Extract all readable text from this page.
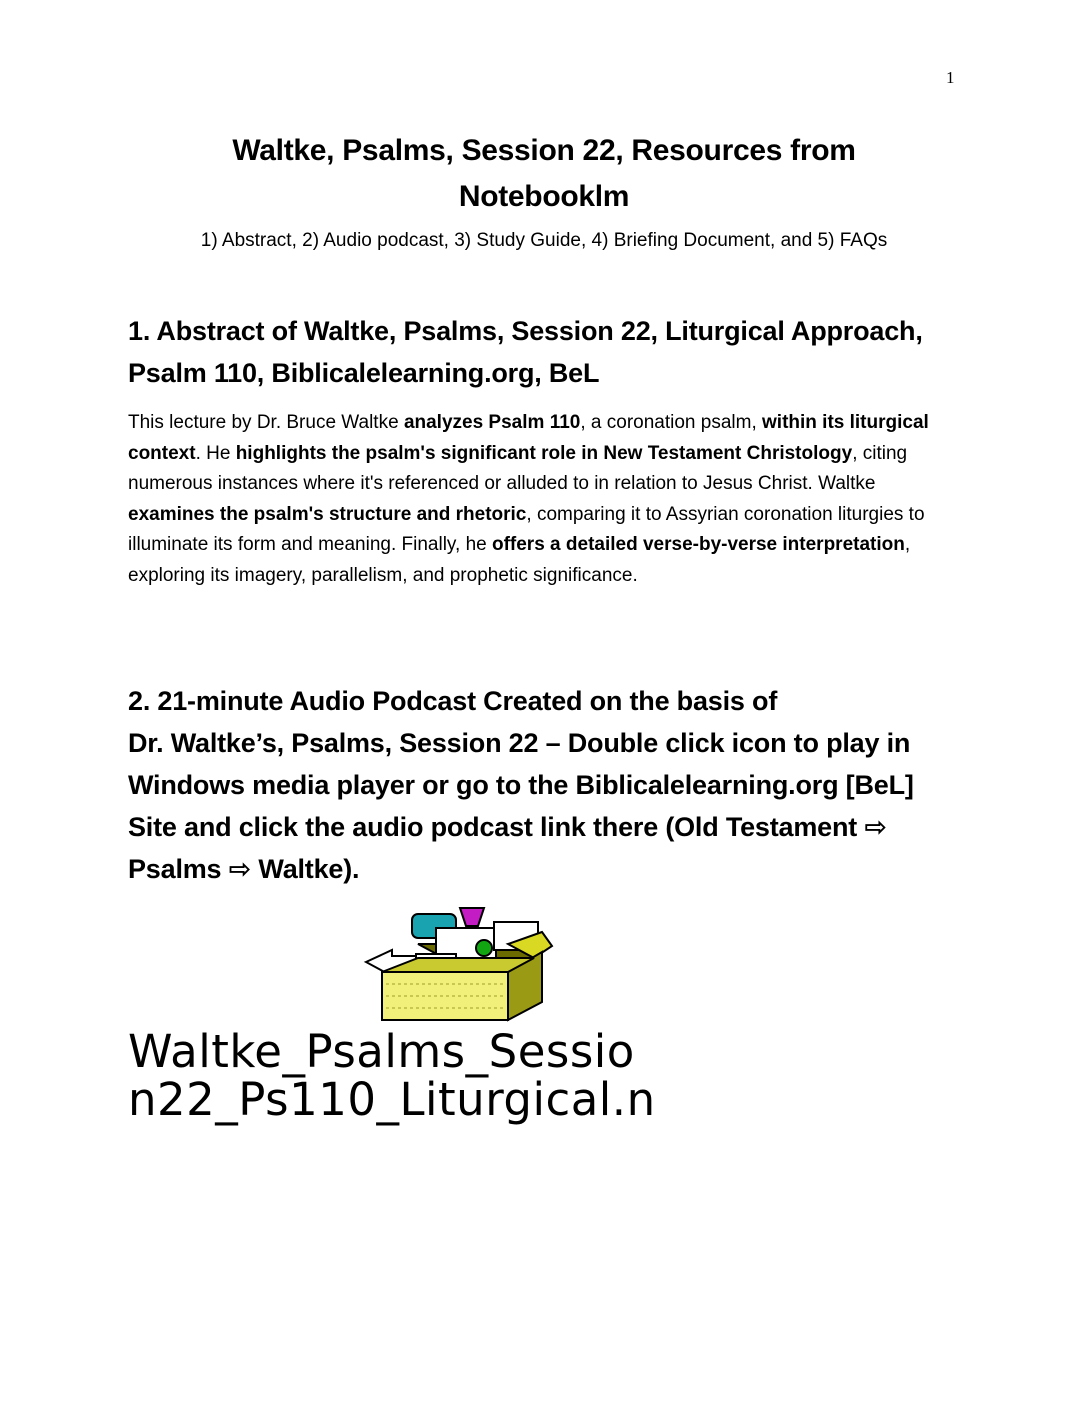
1
Waltke, Psalms, Session 22, Resources from
Notebooklm
1) Abstract, 2) Audio podcast, 3) Study Guide, 4) Briefing Document, and 5) FAQs
1. Abstract of Waltke, Psalms, Session 22, Liturgical Approach,
Psalm 110, Biblicalelearning.org, BeL

This lecture by Dr. Bruce Waltke analyzes Psalm 110, a coronation psalm, within its liturgical context. He highlights the psalm's significant role in New Testament Christology, citing numerous instances where it's referenced or alluded to in relation to Jesus Christ. Waltke examines the psalm's structure and rhetoric, comparing it to Assyrian coronation liturgies to illuminate its form and meaning. Finally, he offers a detailed verse-by-verse interpretation, exploring its imagery, parallelism, and prophetic significance.

2. 21-minute Audio Podcast Created on the basis of
Dr. Waltke’s, Psalms, Session 22 – Double click icon to play in
Windows media player or go to the Biblicalelearning.org [BeL]
Site and click the audio podcast link there (Old Testament ⇨
Psalms ⇨ Waltke).
Waltke_Psalms_Sessio
n22_Ps110_Liturgical.n
